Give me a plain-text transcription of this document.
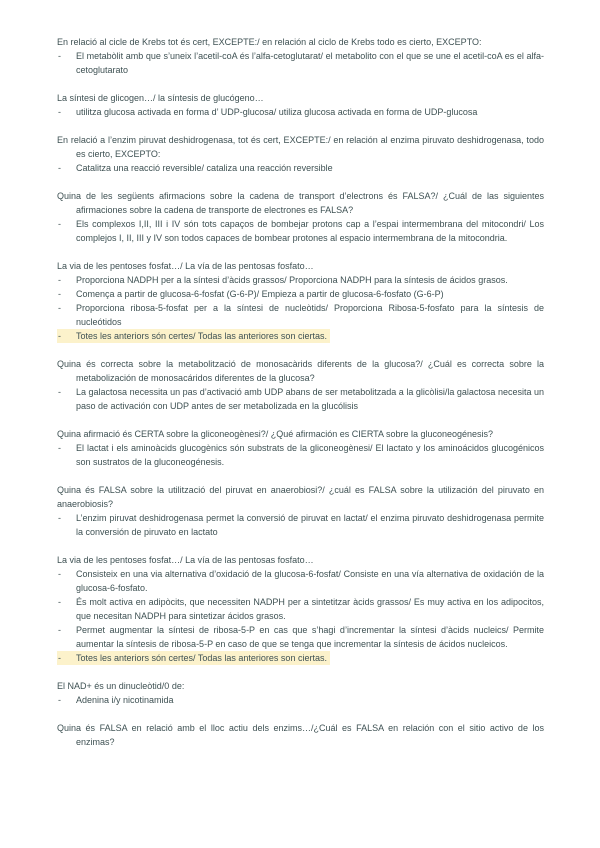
En relació al cicle de Krebs tot és cert, EXCEPTE:/ en relación al ciclo de Krebs todo es cierto, EXCEPTO:

- El metabòlit amb que s’uneix l’acetil-coA és l’alfa-cetoglutarat/ el metabolito con el que se une el acetil-coA es el alfa-cetoglutarato

La síntesi de glicogen…/ la síntesis de glucógeno…

- utilitza glucosa activada en forma d’ UDP-glucosa/ utiliza glucosa activada en forma de UDP-glucosa

En relació a l’enzim piruvat deshidrogenasa, tot és cert, EXCEPTE:/ en relación al enzima piruvato deshidrogenasa, todo es cierto, EXCEPTO:

- Catalitza una reacció reversible/ cataliza una reacción reversible

Quina de les següents afirmacions sobre la cadena de transport d’electrons és FALSA?/ ¿Cuál de las siguientes afirmaciones sobre la cadena de transporte de electrones es FALSA?

- Els complexos I,II, III i IV són tots capaços de bombejar protons cap a l’espai intermembrana del mitocondri/ Los complejos I, II, III y IV son todos capaces de bombear protones al espacio intermembrana de la mitocondria.

La via de les pentoses fosfat…/ La vía de las pentosas fosfato…

- Proporciona NADPH per a la síntesi d’àcids grassos/ Proporciona NADPH para la síntesis de ácidos grasos.
- Comença a partir de glucosa-6-fosfat (G-6-P)/ Empieza a partir de glucosa-6-fosfato (G-6-P)
- Proporciona ribosa-5-fosfat per a la síntesi de nucleòtids/ Proporciona Ribosa-5-fosfato para la síntesis de nucleótidos
- Totes les anteriors són certes/ Todas las anteriores son ciertas.

Quina és correcta sobre la metabolització de monosacàrids diferents de la glucosa?/ ¿Cuál es correcta sobre la metabolización de monosacáridos diferentes de la glucosa?

- La galactosa necessita un pas d’activació amb UDP abans de ser metabolitzada a la glicòlisi/la galactosa necesita un paso de activación con UDP antes de ser metabolizada en la glucólisis

Quina afirmació és CERTA sobre la gliconeogènesi?/ ¿Qué afirmación es CIERTA sobre la gluconeogénesis?

- El lactat i els aminoàcids glucogènics són substrats de la gliconeogènesi/ El lactato y los aminoácidos glucogénicos son sustratos de la gluconeogénesis.

Quina és FALSA sobre la utilització del piruvat en anaerobiosi?/ ¿cuál es FALSA sobre la utilización del piruvato en anaerobiosis?

- L’enzim piruvat deshidrogenasa permet la conversió de piruvat en lactat/ el enzima piruvato deshidrogenasa permite la conversión de piruvato en lactato

La via de les pentoses fosfat…/ La vía de las pentosas fosfato…

- Consisteix en una via alternativa d’oxidació de la glucosa-6-fosfat/ Consiste en una vía alternativa de oxidación de la glucosa-6-fosfato.
- És molt activa en adipòcits, que necessiten NADPH per a sintetitzar àcids grassos/ Es muy activa en los adipocitos, que necesitan NADPH para sintetizar ácidos grasos.
- Permet augmentar la síntesi de ribosa-5-P en cas que s’hagi d’incrementar la síntesi d’àcids nucleics/ Permite aumentar la síntesis de ribosa-5-P en caso de que se tenga que incrementar la síntesis de ácidos nucleicos.
- Totes les anteriors són certes/ Todas las anteriores son ciertas.

El NAD+ és un dinucleòtid/0 de:

- Adenina i/y nicotinamida

Quina és FALSA en relació amb el lloc actiu dels enzims…/¿Cuál es FALSA en relación con el sitio activo de los enzimas?
